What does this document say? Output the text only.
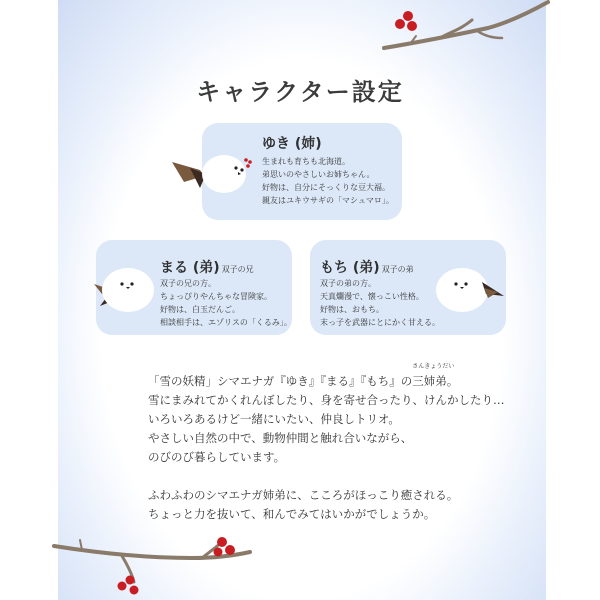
キャラクター設定
ゆき (姉)
生まれも育ちも北海道。
弟思いのやさしいお姉ちゃん。
好物は、自分にそっくりな豆大福。
親友はユキウサギの「マシュマロ」。
まる (弟) 双子の兄
双子の兄の方。
ちょっぴりやんちゃな冒険家。
好物は、白玉だんご。
相談相手は、エゾリスの「くるみ」。
もち (弟) 双子の弟
双子の弟の方。
天真爛漫で、懐っこい性格。
好物は、おもち。
末っ子を武器にとにかく甘える。
「雪の妖精」シマエナガ『ゆき』『まる』『もち』の
さんきょうだい
三姉弟。
雪にまみれてかくれんぼしたり、身を寄せ合ったり、けんかしたり…
いろいろあるけど一緒にいたい、仲良しトリオ。
やさしい自然の中で、動物仲間と触れ合いながら、
のびのび暮らしています。
ふわふわのシマエナガ姉弟に、こころがほっこり癒される。
ちょっと力を抜いて、和んでみてはいかがでしょうか。
